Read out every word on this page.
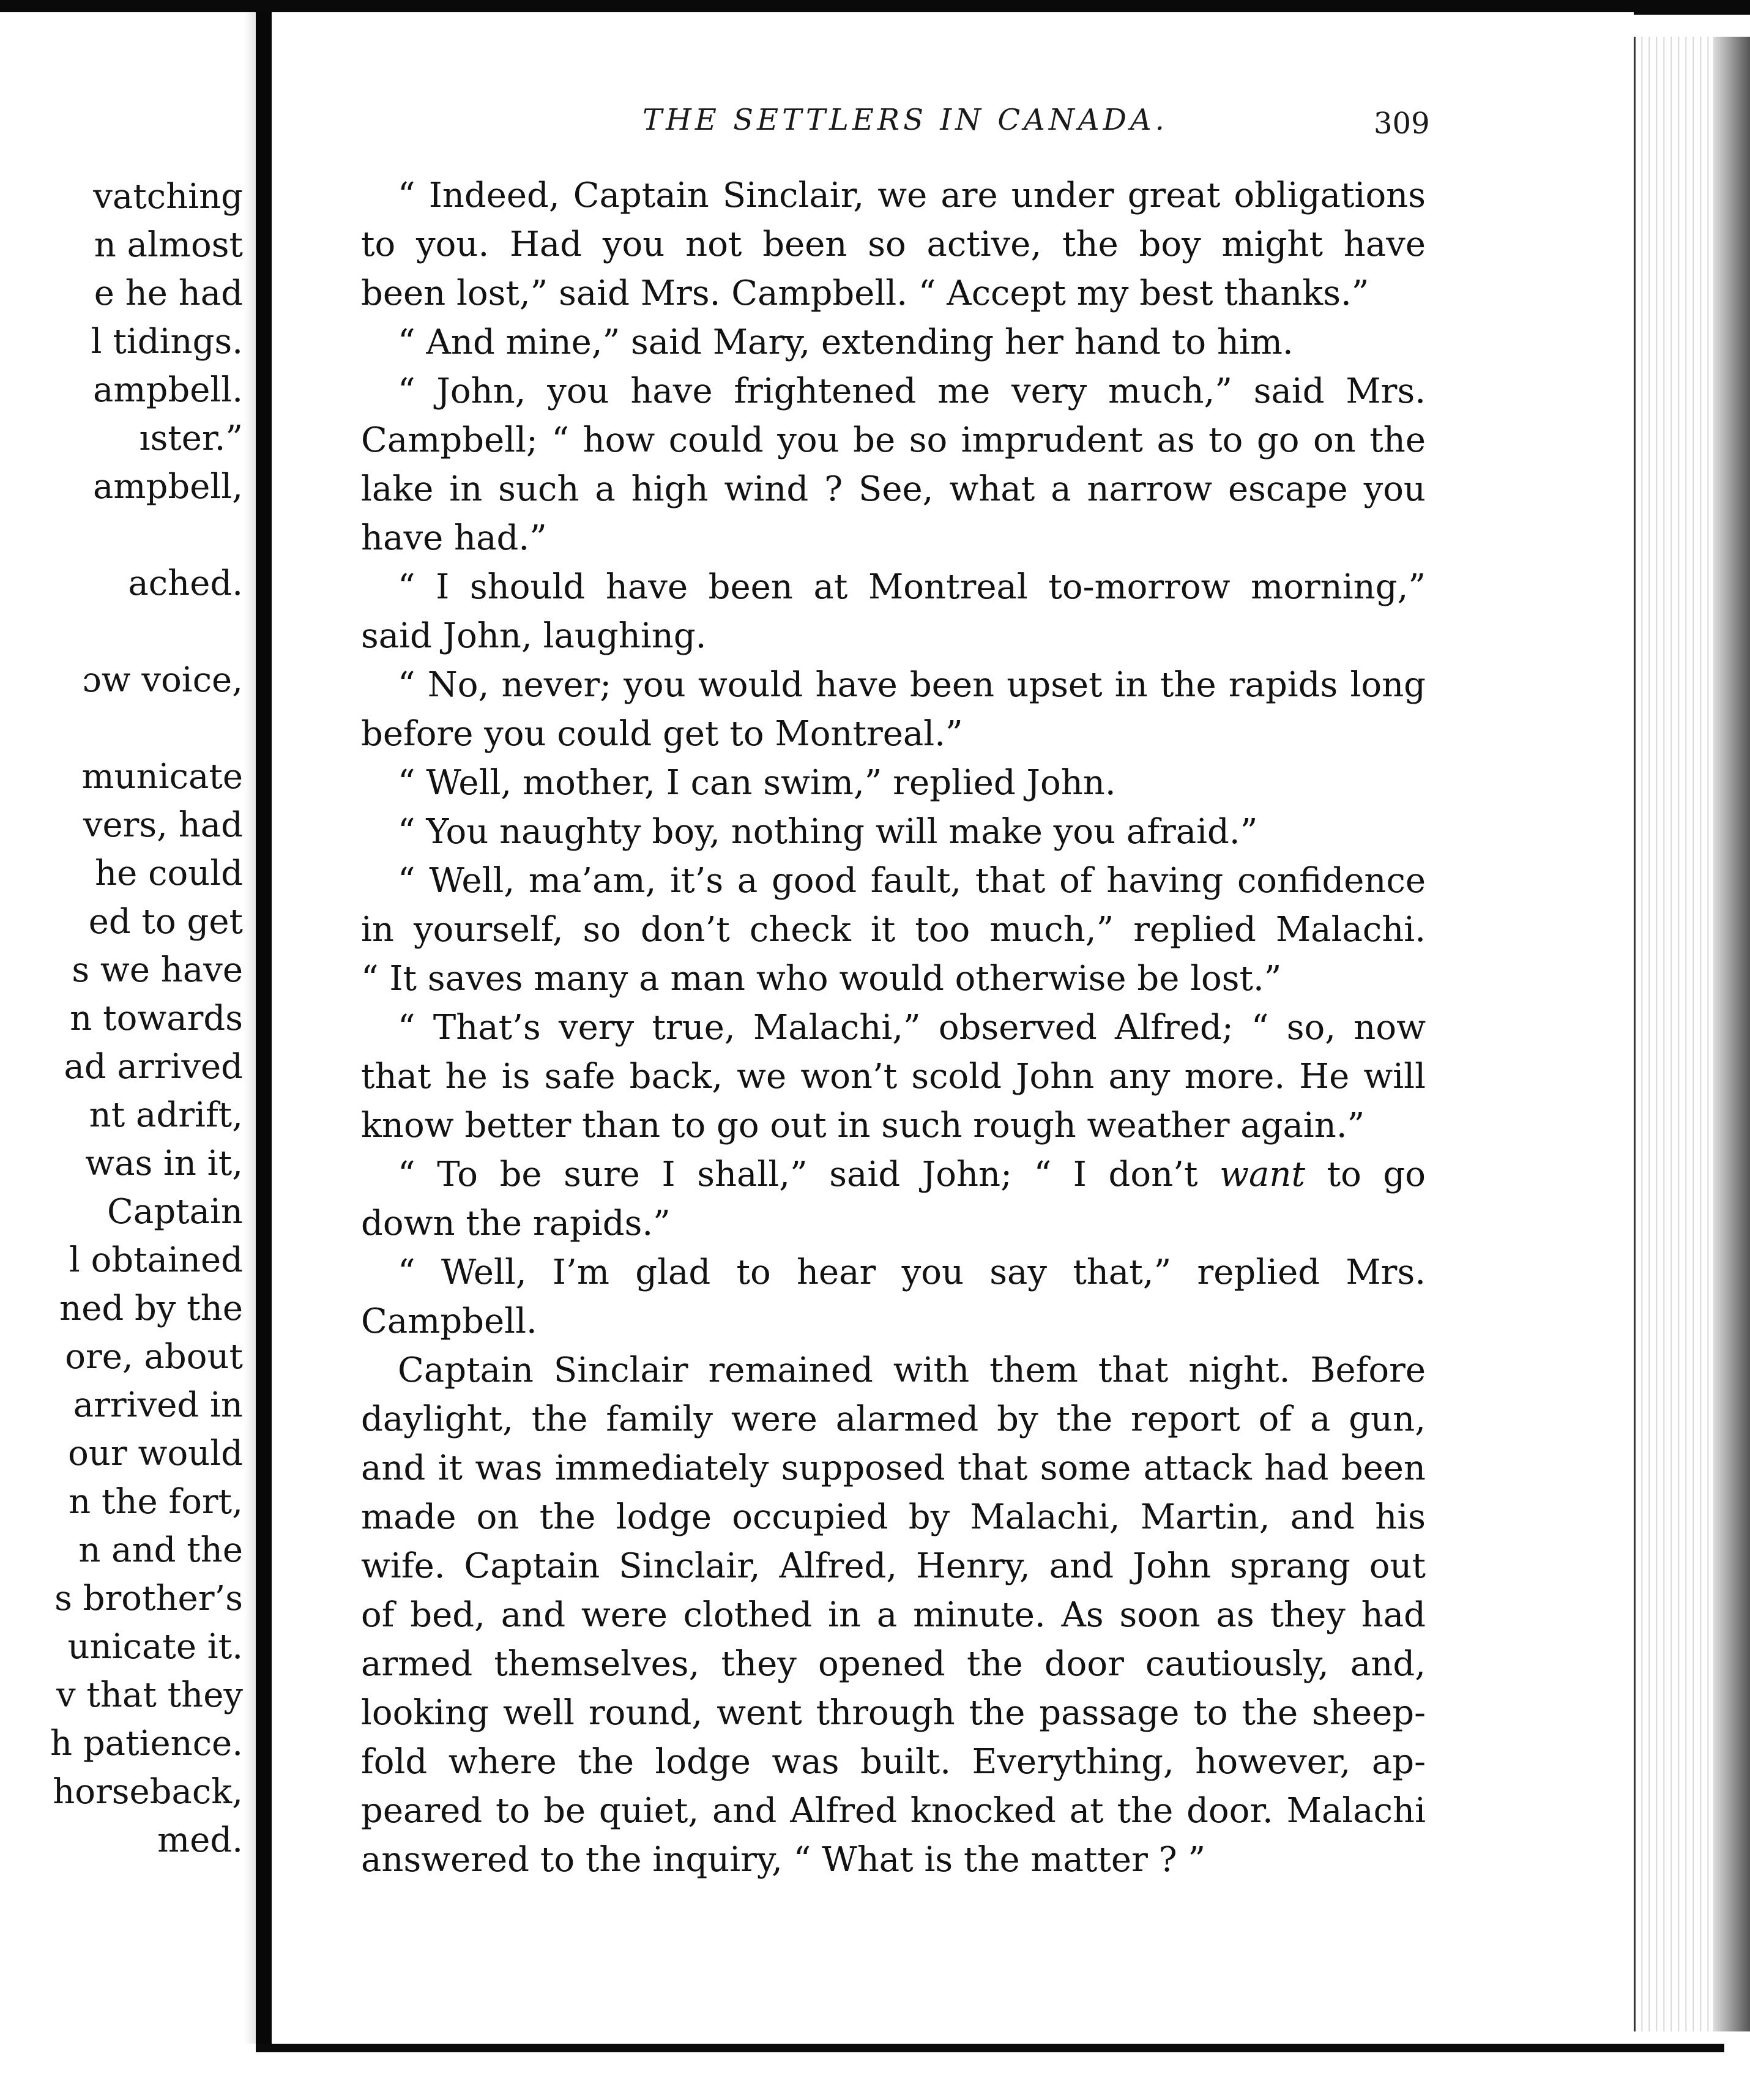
vatching
n almost
e he had
l tidings.
ampbell.
ıster.”
ampbell,
ached.
ɔw voice,
municate
vers, had
he could
ed to get
s we have
n towards
ad arrived
nt adrift,
was in it,
Captain
l obtained
ned by the
ore, about
arrived in
our would
n the fort,
n and the
s brother’s
unicate it.
v that they
h patience.
horseback,
med.
THE SETTLERS IN CANADA.	309
“ Indeed, Captain Sinclair, we are under great obligations
to you. Had you not been so active, the boy might have
been lost,” said Mrs. Campbell. “ Accept my best thanks.”
“ And mine,” said Mary, extending her hand to him.
“ John, you have frightened me very much,” said Mrs.
Campbell; “ how could you be so imprudent as to go on the
lake in such a high wind ? See, what a narrow escape you
have had.”
“ I should have been at Montreal to-morrow morning,”
said John, laughing.
“ No, never; you would have been upset in the rapids long
before you could get to Montreal.”
“ Well, mother, I can swim,” replied John.
“ You naughty boy, nothing will make you afraid.”
“ Well, ma’am, it’s a good fault, that of having confidence
in yourself, so don’t check it too much,” replied Malachi.
“ It saves many a man who would otherwise be lost.”
“ That’s very true, Malachi,” observed Alfred; “ so, now
that he is safe back, we won’t scold John any more. He will
know better than to go out in such rough weather again.”
“ To be sure I shall,” said John; “ I don’t want to go
down the rapids.”
“ Well, I’m glad to hear you say that,” replied Mrs.
Campbell.
Captain Sinclair remained with them that night. Before
daylight, the family were alarmed by the report of a gun,
and it was immediately supposed that some attack had been
made on the lodge occupied by Malachi, Martin, and his
wife. Captain Sinclair, Alfred, Henry, and John sprang out
of bed, and were clothed in a minute. As soon as they had
armed themselves, they opened the door cautiously, and,
looking well round, went through the passage to the sheep-
fold where the lodge was built. Everything, however, ap-
peared to be quiet, and Alfred knocked at the door. Malachi
answered to the inquiry, “ What is the matter ? ”
